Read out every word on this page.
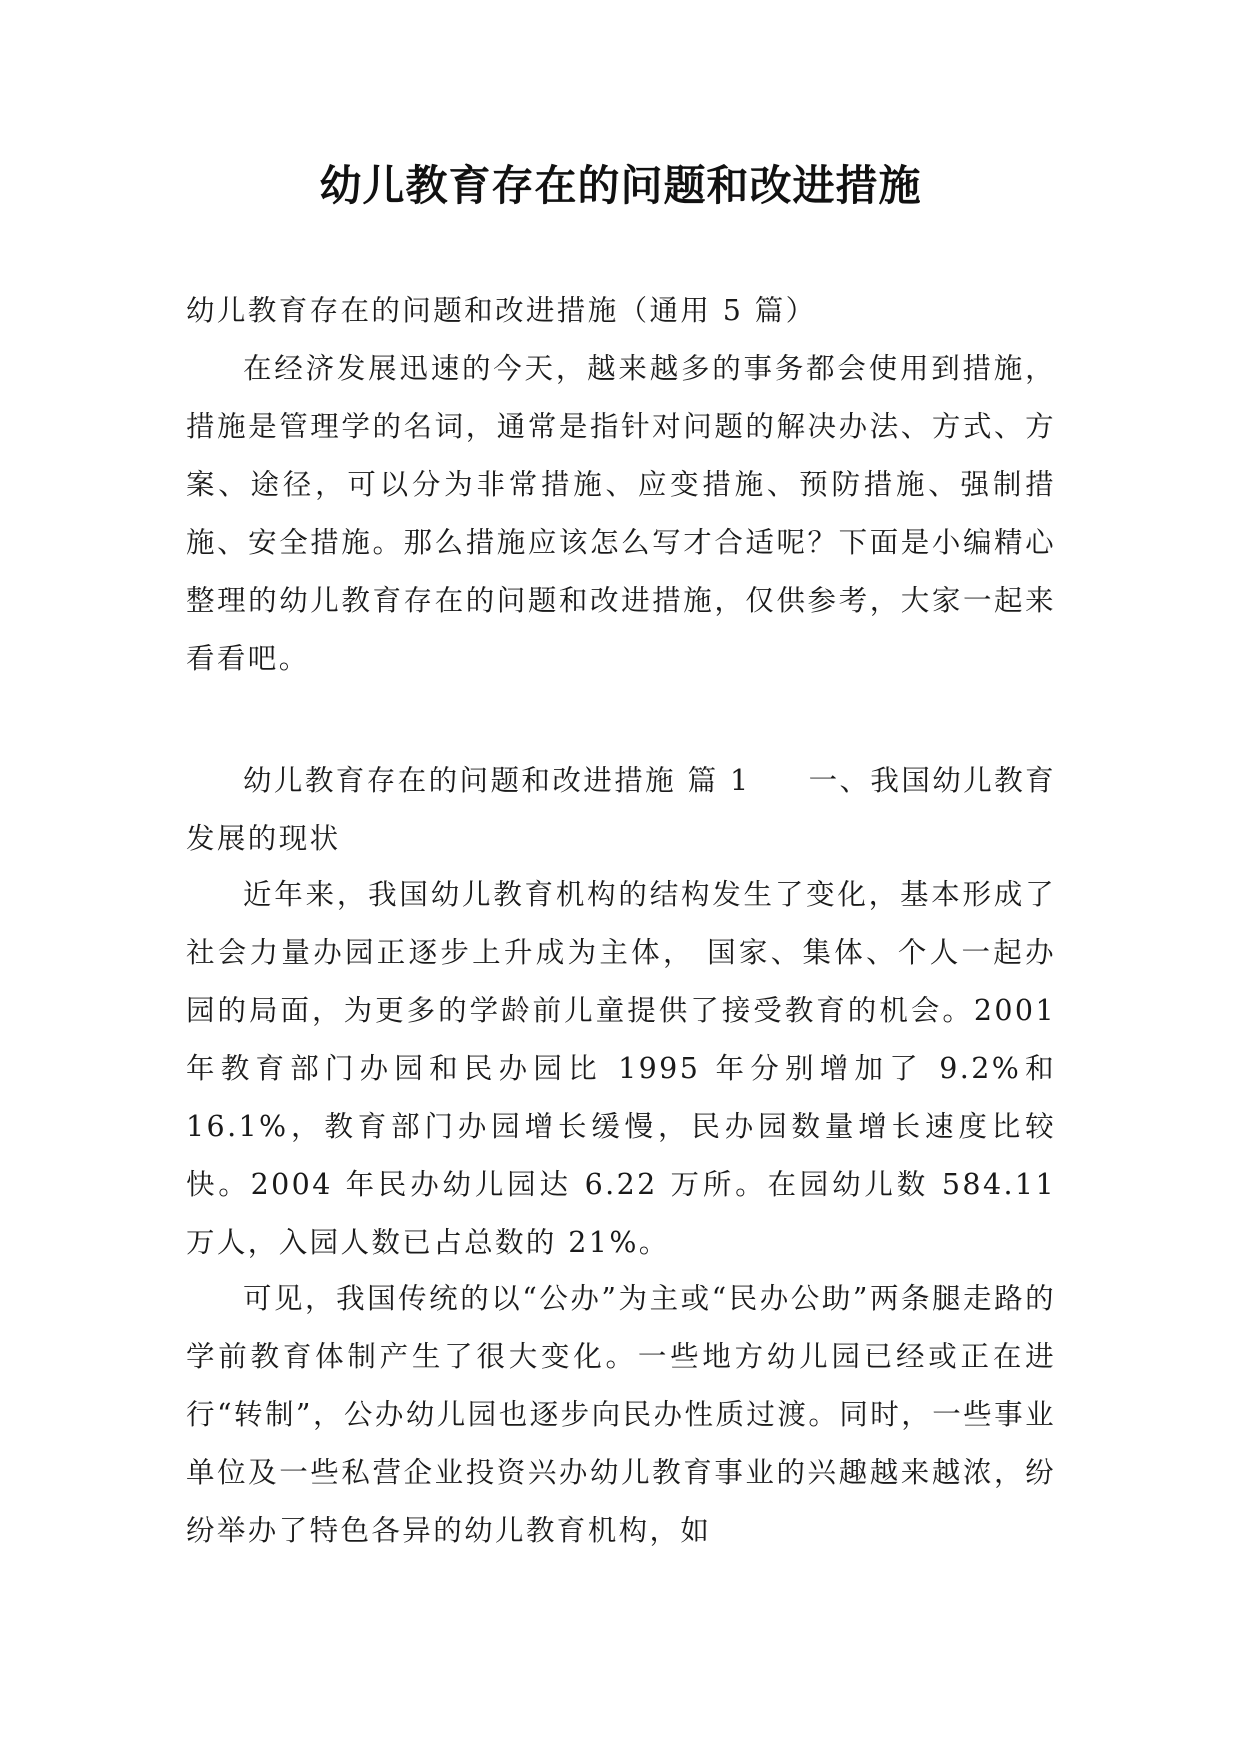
幼儿教育存在的问题和改进措施

幼儿教育存在的问题和改进措施（通用 5 篇）

在经济发展迅速的今天，越来越多的事务都会使用到措施，措施是管理学的名词，通常是指针对问题的解决办法、方式、方案、途径，可以分为非常措施、应变措施、预防措施、强制措施、安全措施。那么措施应该怎么写才合适呢？下面是小编精心整理的幼儿教育存在的问题和改进措施，仅供参考，大家一起来看看吧。

幼儿教育存在的问题和改进措施 篇 1 一、我国幼儿教育发展的现状

近年来，我国幼儿教育机构的结构发生了变化，基本形成了社会力量办园正逐步上升成为主体， 国家、集体、个人一起办园的局面，为更多的学龄前儿童提供了接受教育的机会。2001 年教育部门办园和民办园比 1995 年分别增加了 9.2%和 16.1%，教育部门办园增长缓慢，民办园数量增长速度比较快。2004 年民办幼儿园达 6.22 万所。在园幼儿数 584.11 万人，入园人数已占总数的 21%。

可见，我国传统的以“公办”为主或“民办公助”两条腿走路的学前教育体制产生了很大变化。一些地方幼儿园已经或正在进行“转制”，公办幼儿园也逐步向民办性质过渡。同时，一些事业单位及一些私营企业投资兴办幼儿教育事业的兴趣越来越浓，纷纷举办了特色各异的幼儿教育机构，如
